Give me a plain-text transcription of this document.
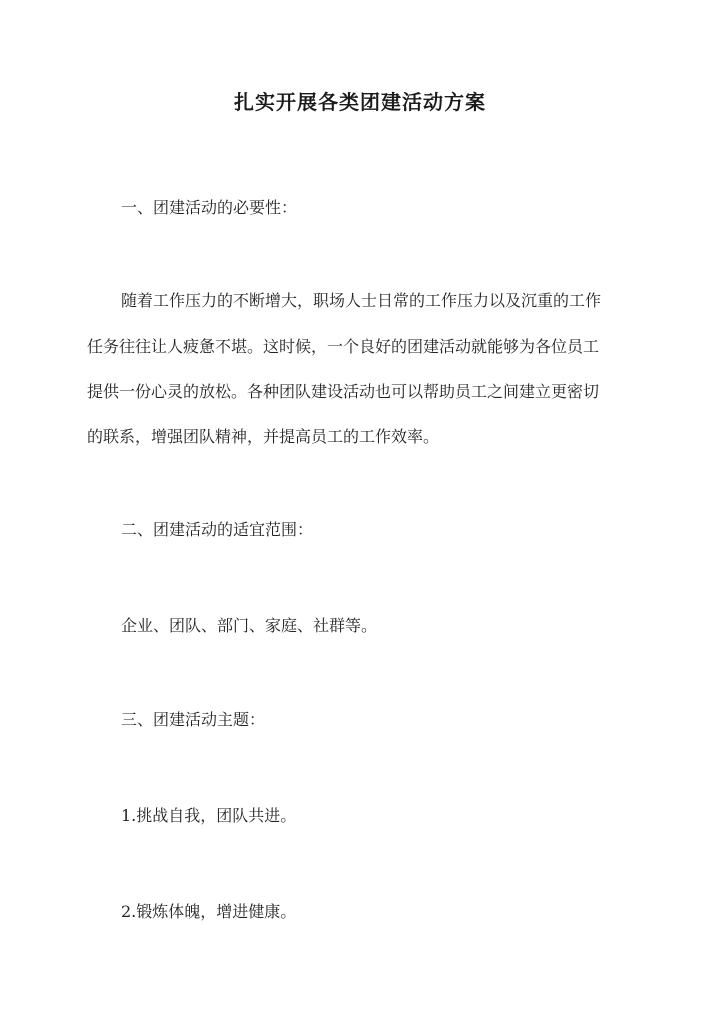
扎实开展各类团建活动方案
一、团建活动的必要性：
随着工作压力的不断增大，职场人士日常的工作压力以及沉重的工作
任务往往让人疲惫不堪。这时候，一个良好的团建活动就能够为各位员工
提供一份心灵的放松。各种团队建设活动也可以帮助员工之间建立更密切
的联系，增强团队精神，并提高员工的工作效率。
二、团建活动的适宜范围：
企业、团队、部门、家庭、社群等。
三、团建活动主题：
1.挑战自我，团队共进。
2.锻炼体魄，增进健康。
